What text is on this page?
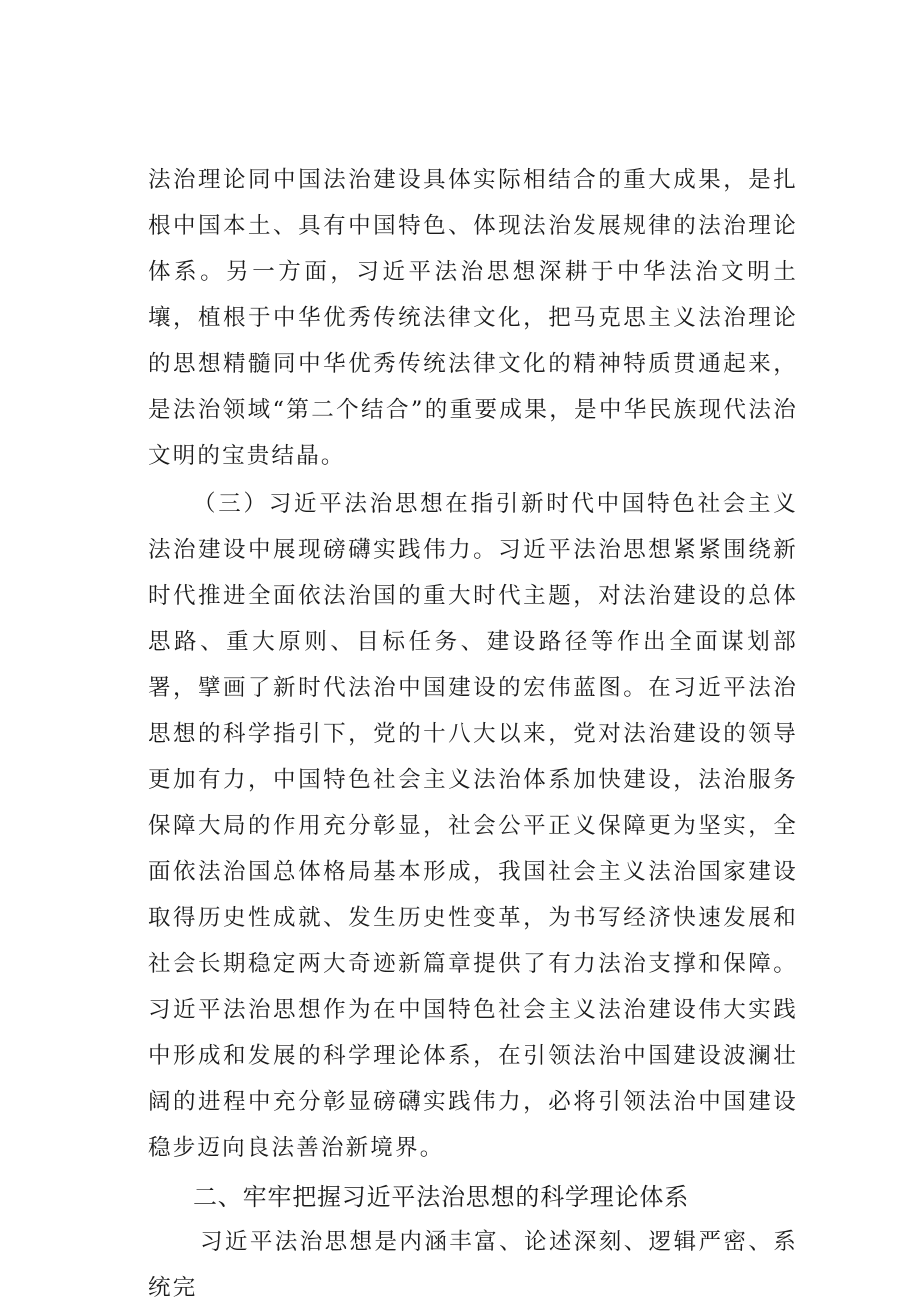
法治理论同中国法治建设具体实际相结合的重大成果，是扎根中国本土、具有中国特色、体现法治发展规律的法治理论体系。另一方面，习近平法治思想深耕于中华法治文明土壤，植根于中华优秀传统法律文化，把马克思主义法治理论的思想精髓同中华优秀传统法律文化的精神特质贯通起来，是法治领域“第二个结合”的重要成果，是中华民族现代法治文明的宝贵结晶。

（三）习近平法治思想在指引新时代中国特色社会主义法治建设中展现磅礴实践伟力。习近平法治思想紧紧围绕新时代推进全面依法治国的重大时代主题，对法治建设的总体思路、重大原则、目标任务、建设路径等作出全面谋划部署，擘画了新时代法治中国建设的宏伟蓝图。在习近平法治思想的科学指引下，党的十八大以来，党对法治建设的领导更加有力，中国特色社会主义法治体系加快建设，法治服务保障大局的作用充分彰显，社会公平正义保障更为坚实，全面依法治国总体格局基本形成，我国社会主义法治国家建设取得历史性成就、发生历史性变革，为书写经济快速发展和社会长期稳定两大奇迹新篇章提供了有力法治支撑和保障。习近平法治思想作为在中国特色社会主义法治建设伟大实践中形成和发展的科学理论体系，在引领法治中国建设波澜壮阔的进程中充分彰显磅礴实践伟力，必将引领法治中国建设稳步迈向良法善治新境界。

二、牢牢把握习近平法治思想的科学理论体系

习近平法治思想是内涵丰富、论述深刻、逻辑严密、系统完
